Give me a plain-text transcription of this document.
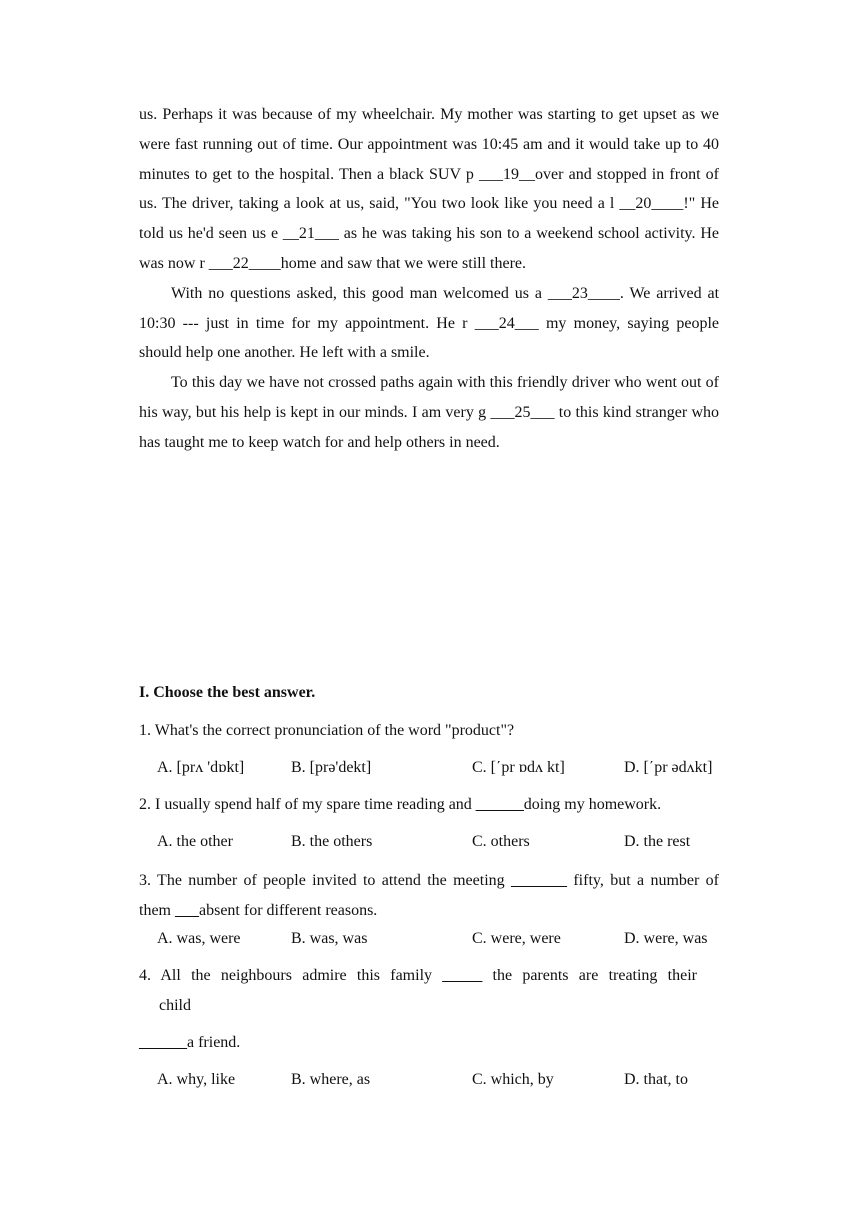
us. Perhaps it was because of my wheelchair. My mother was starting to get upset as we were fast running out of time. Our appointment was 10:45 am and it would take up to 40 minutes to get to the hospital. Then a black SUV p ___19__over and stopped in front of us. The driver, taking a look at us, said, "You two look like you need a l __20____!" He told us he'd seen us e __21___ as he was taking his son to a weekend school activity. He was now r ___22____home and saw that we were still there.

With no questions asked, this good man welcomed us a ___23____. We arrived at 10:30 --- just in time for my appointment. He r ___24___ my money, saying people should help one another. He left with a smile.

To this day we have not crossed paths again with this friendly driver who went out of his way, but his help is kept in our minds. I am very g ___25___ to this kind stranger who has taught me to keep watch for and help others in need.

I. Choose the best answer.

1. What's the correct pronunciation of the word "product"?

A. [prʌ 'dɒkt]	B. [prə'dekt]	C. [΄pr ɒdʌ kt]	D. [΄pr ədʌkt]

2. I usually spend half of my spare time reading and ______doing my homework.

A. the other	B. the others	C. others	D. the rest

3. The number of people invited to attend the meeting _______ fifty, but a number of them ___absent for different reasons.

A. was, were	B. was, was	C. were, were	D. were, was

4. All the neighbours admire this family _____ the parents are treating their

child

______a friend.

A. why, like	B. where, as	C. which, by	D. that, to
